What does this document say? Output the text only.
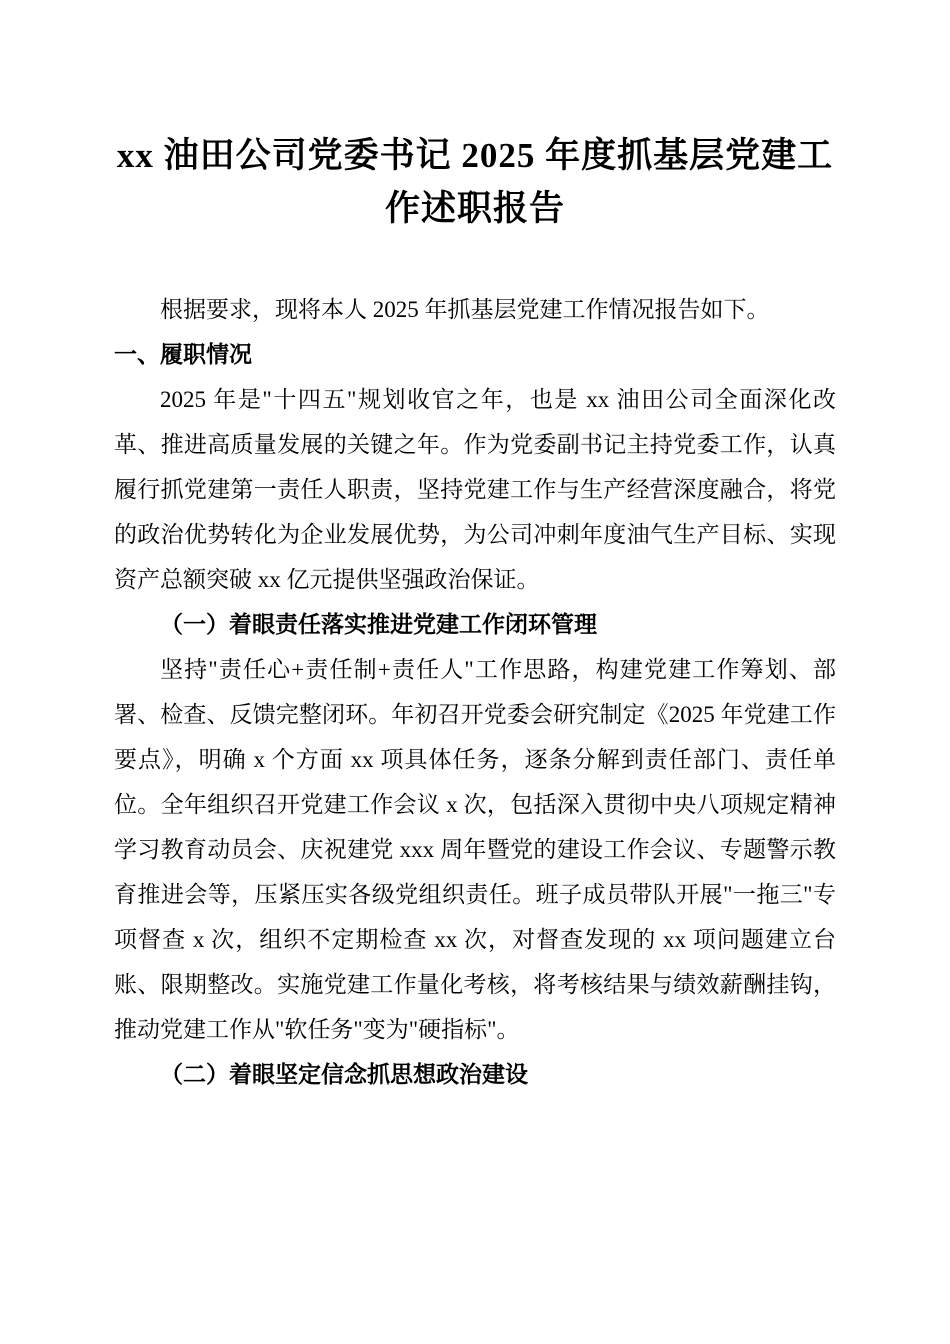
xx 油田公司党委书记 2025 年度抓基层党建工作述职报告

根据要求，现将本人 2025 年抓基层党建工作情况报告如下。

一、履职情况

2025 年是"十四五"规划收官之年，也是 xx 油田公司全面深化改革、推进高质量发展的关键之年。作为党委副书记主持党委工作，认真履行抓党建第一责任人职责，坚持党建工作与生产经营深度融合，将党的政治优势转化为企业发展优势，为公司冲刺年度油气生产目标、实现资产总额突破 xx 亿元提供坚强政治保证。

（一）着眼责任落实推进党建工作闭环管理

坚持"责任心+责任制+责任人"工作思路，构建党建工作筹划、部署、检查、反馈完整闭环。年初召开党委会研究制定《2025 年党建工作要点》，明确 x 个方面 xx 项具体任务，逐条分解到责任部门、责任单位。全年组织召开党建工作会议 x 次，包括深入贯彻中央八项规定精神学习教育动员会、庆祝建党 xxx 周年暨党的建设工作会议、专题警示教育推进会等，压紧压实各级党组织责任。班子成员带队开展"一拖三"专项督查 x 次，组织不定期检查 xx 次，对督查发现的 xx 项问题建立台账、限期整改。实施党建工作量化考核，将考核结果与绩效薪酬挂钩，推动党建工作从"软任务"变为"硬指标"。

（二）着眼坚定信念抓思想政治建设
